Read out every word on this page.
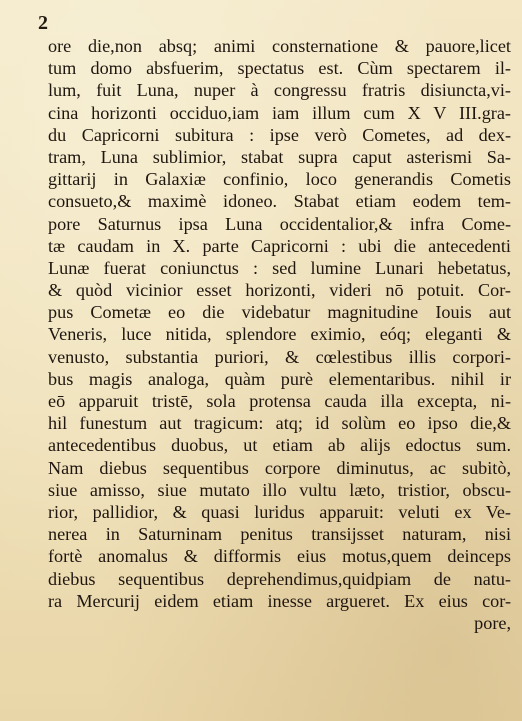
2
ore die,non absq; animi consternatione & pauore,licet
tum domo absfuerim, spectatus est. Cùm spectarem il-
lum, fuit Luna, nuper à congressu fratris disiuncta,vi-
cina horizonti occiduo,iam iam illum cum X V III.gra-
du Capricorni subitura : ipse verò Cometes, ad dex-
tram, Luna sublimior, stabat supra caput asterismi Sa-
gittarij in Galaxiæ confinio, loco generandis Cometis
consueto,& maximè idoneo. Stabat etiam eodem tem-
pore Saturnus ipsa Luna occidentalior,& infra Come-
tæ caudam in X. parte Capricorni : ubi die antecedenti
Lunæ fuerat coniunctus : sed lumine Lunari hebetatus,
& quòd vicinior esset horizonti, videri nō potuit. Cor-
pus Cometæ eo die videbatur magnitudine Iouis aut
Veneris, luce nitida, splendore eximio, eóq; eleganti &
venusto, substantia puriori, & cœlestibus illis corpori-
bus magis analoga, quàm purè elementaribus. nihil ir
eō apparuit tristē, sola protensa cauda illa excepta, ni-
hil funestum aut tragicum: atq; id solùm eo ipso die,&
antecedentibus duobus, ut etiam ab alijs edoctus sum.
Nam diebus sequentibus corpore diminutus, ac subitò,
siue amisso, siue mutato illo vultu læto, tristior, obscu-
rior, pallidior, & quasi luridus apparuit: veluti ex Ve-
nerea in Saturninam penitus transijsset naturam, nisi
fortè anomalus & difformis eius motus,quem deinceps
diebus sequentibus deprehendimus,quidpiam de natu-
ra Mercurij eidem etiam inesse argueret. Ex eius cor-
pore,
